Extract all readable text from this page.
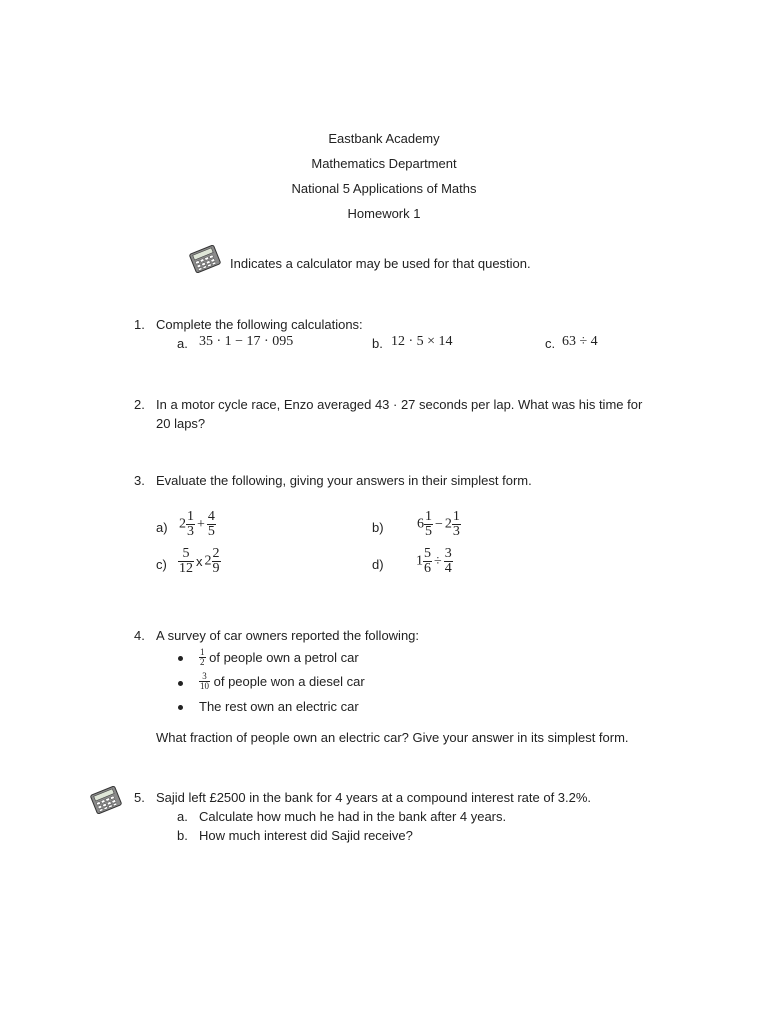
Eastbank Academy
Mathematics Department
National 5 Applications of Maths
Homework 1
Indicates a calculator may be used for that question.
1. Complete the following calculations:
a. 35 · 1 − 17 · 095	b. 12 · 5 × 14	c. 63 ÷ 4
2. In a motor cycle race, Enzo averaged 43 · 27 seconds per lap. What was his time for
20 laps?
3. Evaluate the following, giving your answers in their simplest form.
a) $2 \frac{1}{3} + \frac{4}{5}$	b) $6 \frac{1}{5} - 2 \frac{1}{3}$
$c) \frac{5}{12}$ x $2 \frac{2}{9}$	d) $1 \frac{5}{6} \div \frac{3}{4}$
4. A survey of car owners reported the following:
$\frac{1}{2}$ of people own a petrol car
$\frac{3}{10}$ of people won a diesel car
The rest own an electric car
What fraction of people own an electric car? Give your answer in its simplest form.
5. Sajid left £2500 in the bank for 4 years at a compound interest rate of 3.2%.
a. Calculate how much he had in the bank after 4 years.
b. How much interest did Sajid receive?
